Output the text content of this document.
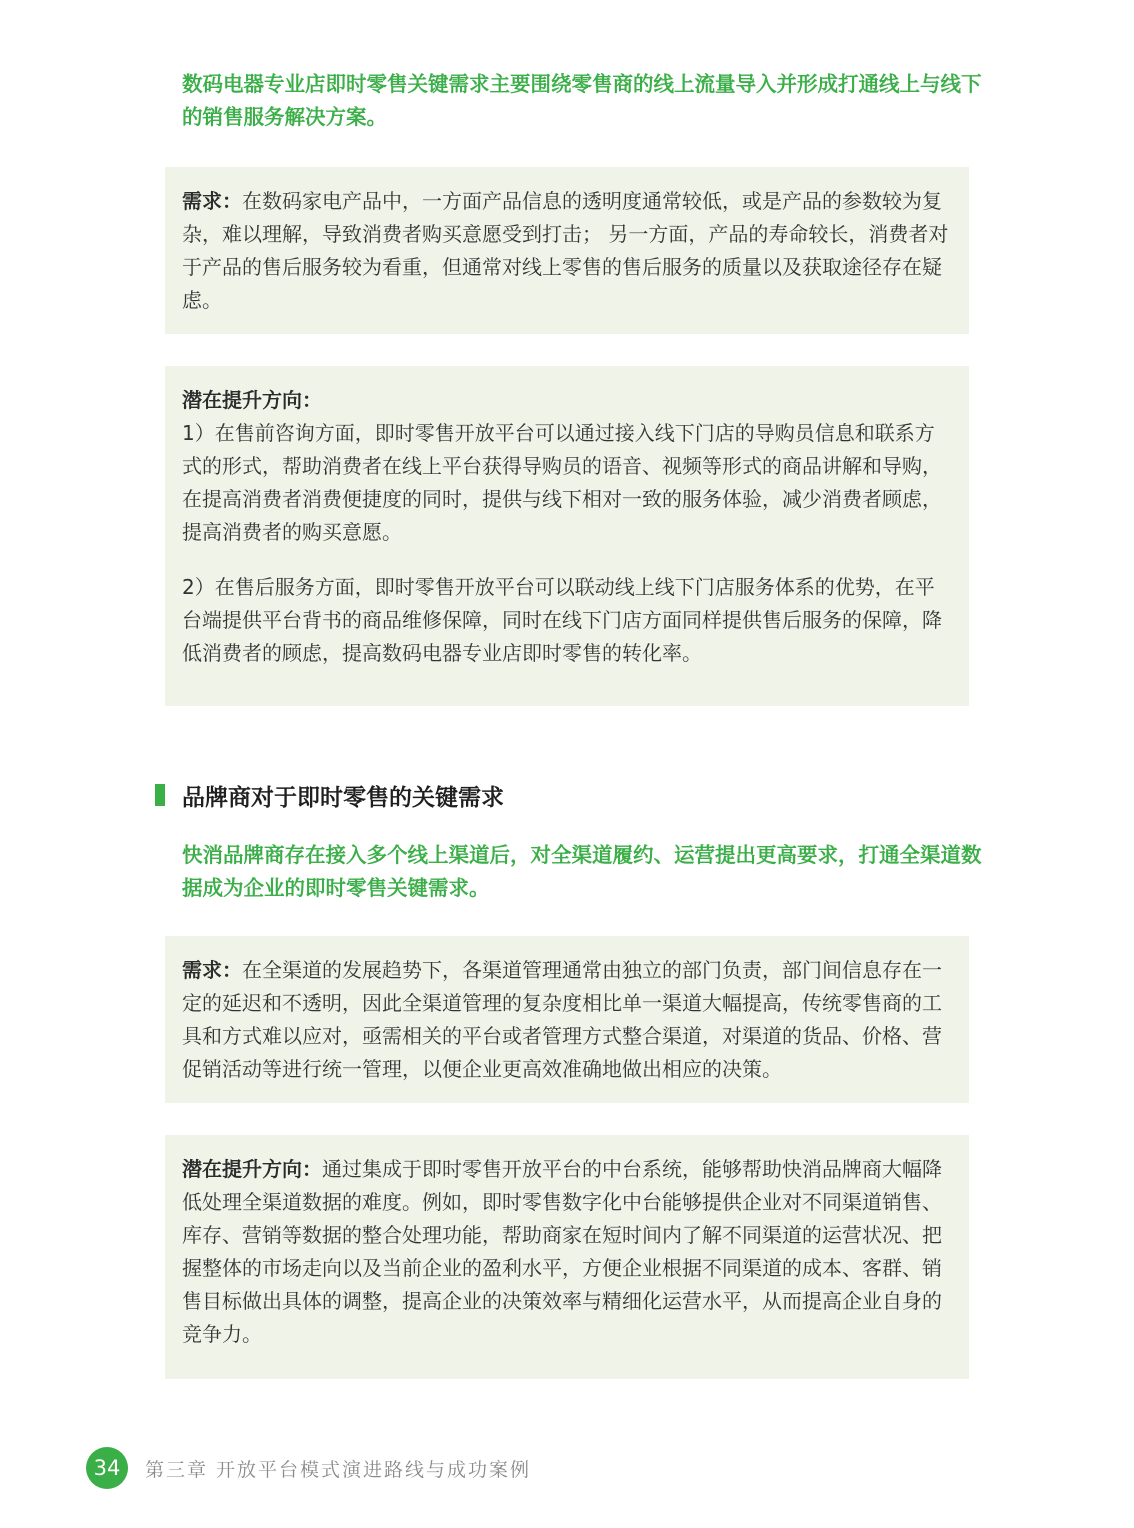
数码电器专业店即时零售关键需求主要围绕零售商的线上流量导入并形成打通线上与线下的销售服务解决方案。

需求：在数码家电产品中，一方面产品信息的透明度通常较低，或是产品的参数较为复杂，难以理解，导致消费者购买意愿受到打击； 另一方面，产品的寿命较长，消费者对于产品的售后服务较为看重，但通常对线上零售的售后服务的质量以及获取途径存在疑虑。

潜在提升方向：

1）在售前咨询方面，即时零售开放平台可以通过接入线下门店的导购员信息和联系方式的形式，帮助消费者在线上平台获得导购员的语音、视频等形式的商品讲解和导购，在提高消费者消费便捷度的同时，提供与线下相对一致的服务体验，减少消费者顾虑，提高消费者的购买意愿。

2）在售后服务方面，即时零售开放平台可以联动线上线下门店服务体系的优势，在平台端提供平台背书的商品维修保障，同时在线下门店方面同样提供售后服务的保障，降低消费者的顾虑，提高数码电器专业店即时零售的转化率。

品牌商对于即时零售的关键需求
快消品牌商存在接入多个线上渠道后，对全渠道履约、运营提出更高要求，打通全渠道数据成为企业的即时零售关键需求。

需求：在全渠道的发展趋势下，各渠道管理通常由独立的部门负责，部门间信息存在一定的延迟和不透明，因此全渠道管理的复杂度相比单一渠道大幅提高，传统零售商的工具和方式难以应对，亟需相关的平台或者管理方式整合渠道，对渠道的货品、价格、营促销活动等进行统一管理，以便企业更高效准确地做出相应的决策。

潜在提升方向：通过集成于即时零售开放平台的中台系统，能够帮助快消品牌商大幅降低处理全渠道数据的难度。例如，即时零售数字化中台能够提供企业对不同渠道销售、库存、营销等数据的整合处理功能，帮助商家在短时间内了解不同渠道的运营状况、把握整体的市场走向以及当前企业的盈利水平，方便企业根据不同渠道的成本、客群、销售目标做出具体的调整，提高企业的决策效率与精细化运营水平，从而提高企业自身的竞争力。

34	第三章 开放平台模式演进路线与成功案例
